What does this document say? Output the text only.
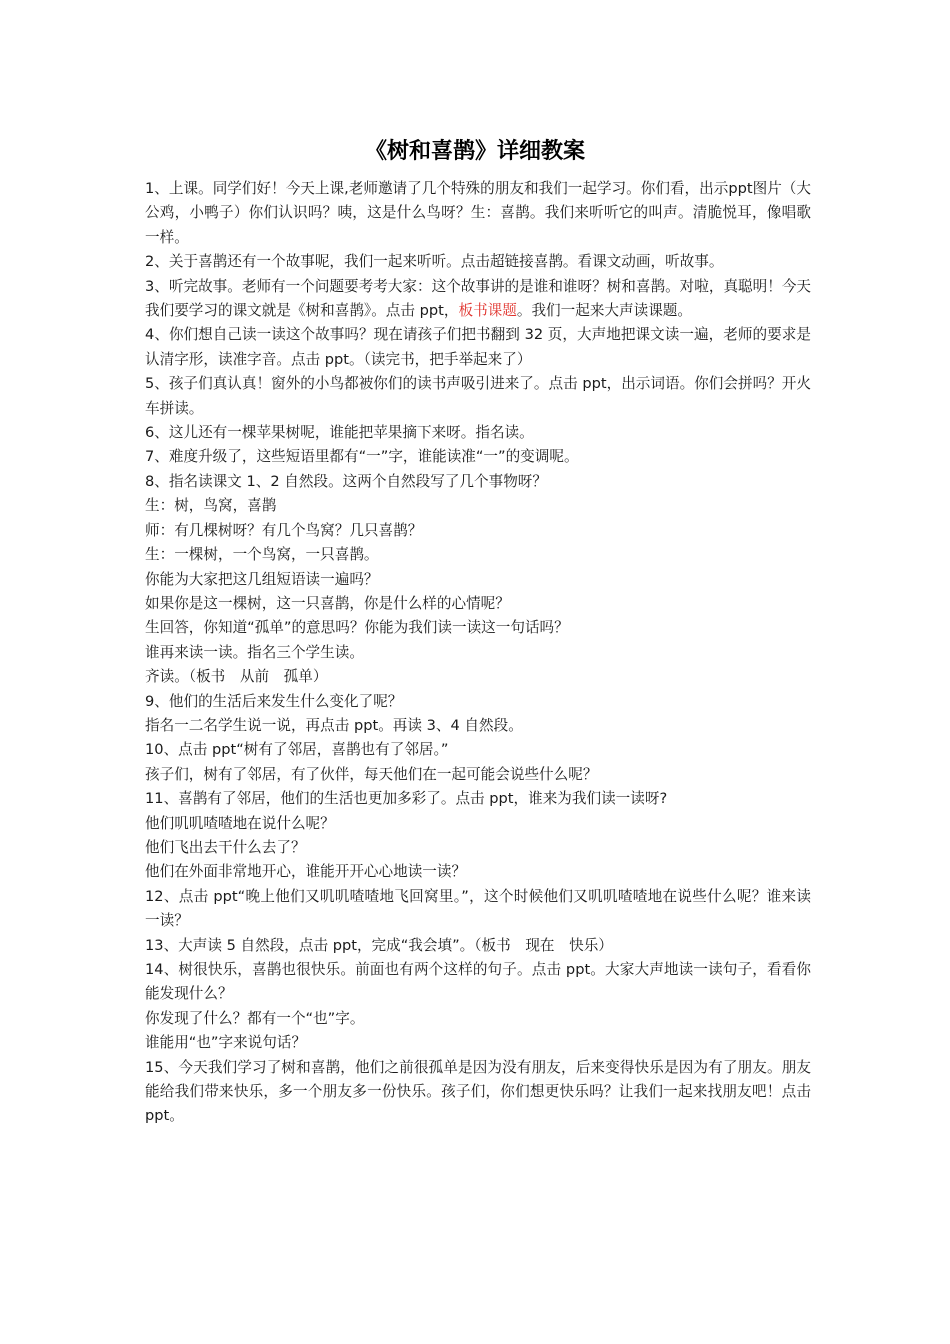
《树和喜鹊》详细教案

1、上课。同学们好！今天上课,老师邀请了几个特殊的朋友和我们一起学习。你们看，出示ppt图片（大公鸡，小鸭子）你们认识吗？咦，这是什么鸟呀？生：喜鹊。我们来听听它的叫声。清脆悦耳，像唱歌一样。

2、关于喜鹊还有一个故事呢，我们一起来听听。点击超链接喜鹊。看课文动画，听故事。

3、听完故事。老师有一个问题要考考大家：这个故事讲的是谁和谁呀？树和喜鹊。对啦，真聪明！今天我们要学习的课文就是《树和喜鹊》。点击 ppt，板书课题。我们一起来大声读课题。

4、你们想自己读一读这个故事吗？现在请孩子们把书翻到 32 页，大声地把课文读一遍，老师的要求是认清字形，读准字音。点击 ppt。（读完书，把手举起来了）

5、孩子们真认真！窗外的小鸟都被你们的读书声吸引进来了。点击 ppt，出示词语。你们会拼吗？开火车拼读。

6、这儿还有一棵苹果树呢，谁能把苹果摘下来呀。指名读。

7、难度升级了，这些短语里都有“一”字，谁能读准“一”的变调呢。

8、指名读课文 1、2 自然段。这两个自然段写了几个事物呀？

生：树，鸟窝，喜鹊

师：有几棵树呀？有几个鸟窝？几只喜鹊？

生：一棵树，一个鸟窝，一只喜鹊。

你能为大家把这几组短语读一遍吗？

如果你是这一棵树，这一只喜鹊，你是什么样的心情呢？

生回答，你知道“孤单”的意思吗？你能为我们读一读这一句话吗？

谁再来读一读。指名三个学生读。

齐读。（板书　从前　孤单）

9、他们的生活后来发生什么变化了呢？

指名一二名学生说一说，再点击 ppt。再读 3、4 自然段。

10、点击 ppt“树有了邻居，喜鹊也有了邻居。”

孩子们，树有了邻居，有了伙伴，每天他们在一起可能会说些什么呢？

11、喜鹊有了邻居，他们的生活也更加多彩了。点击 ppt，谁来为我们读一读呀?

他们叽叽喳喳地在说什么呢？

他们飞出去干什么去了？

他们在外面非常地开心，谁能开开心心地读一读？

12、点击 ppt“晚上他们又叽叽喳喳地飞回窝里。”，这个时候他们又叽叽喳喳地在说些什么呢？谁来读一读？

13、大声读 5 自然段，点击 ppt，完成“我会填”。（板书　现在　快乐）

14、树很快乐，喜鹊也很快乐。前面也有两个这样的句子。点击 ppt。大家大声地读一读句子，看看你能发现什么？

你发现了什么？都有一个“也”字。

谁能用“也”字来说句话？

15、今天我们学习了树和喜鹊，他们之前很孤单是因为没有朋友，后来变得快乐是因为有了朋友。朋友能给我们带来快乐，多一个朋友多一份快乐。孩子们，你们想更快乐吗？让我们一起来找朋友吧！点击 ppt。
